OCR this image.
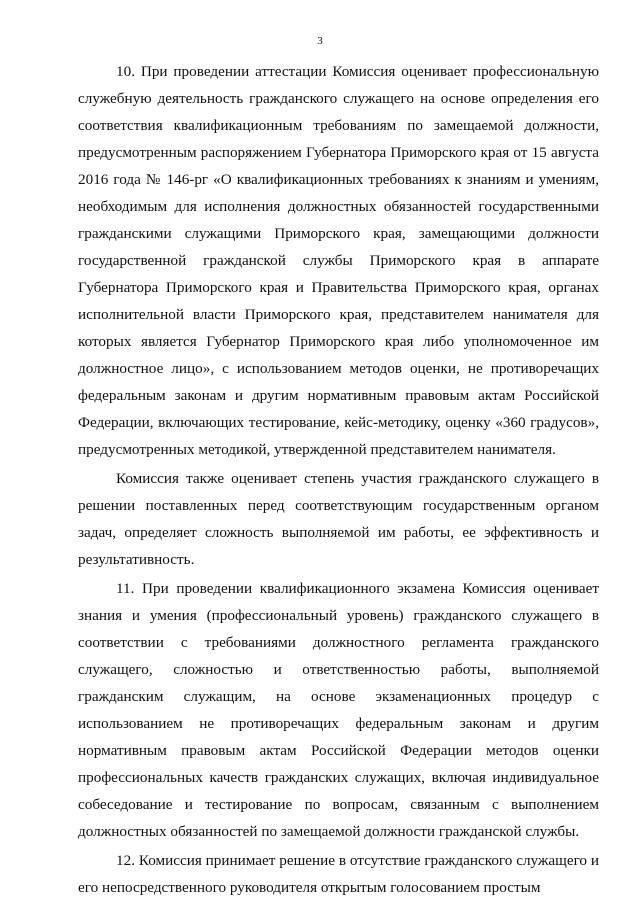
3

10. При проведении аттестации Комиссия оценивает профессиональную служебную деятельность гражданского служащего на основе определения его соответствия квалификационным требованиям по замещаемой должности, предусмотренным распоряжением Губернатора Приморского края от 15 августа 2016 года № 146-рг «О квалификационных требованиях к знаниям и умениям, необходимым для исполнения должностных обязанностей государственными гражданскими служащими Приморского края, замещающими должности государственной гражданской службы Приморского края в аппарате Губернатора Приморского края и Правительства Приморского края, органах исполнительной власти Приморского края, представителем нанимателя для которых является Губернатор Приморского края либо уполномоченное им должностное лицо», с использованием методов оценки, не противоречащих федеральным законам и другим нормативным правовым актам Российской Федерации, включающих тестирование, кейс-методику, оценку «360 градусов», предусмотренных методикой, утвержденной представителем нанимателя.

Комиссия также оценивает степень участия гражданского служащего в решении поставленных перед соответствующим государственным органом задач, определяет сложность выполняемой им работы, ее эффективность и результативность.

11. При проведении квалификационного экзамена Комиссия оценивает знания и умения (профессиональный уровень) гражданского служащего в соответствии с требованиями должностного регламента гражданского служащего, сложностью и ответственностью работы, выполняемой гражданским служащим, на основе экзаменационных процедур с использованием не противоречащих федеральным законам и другим нормативным правовым актам Российской Федерации методов оценки профессиональных качеств гражданских служащих, включая индивидуальное собеседование и тестирование по вопросам, связанным с выполнением должностных обязанностей по замещаемой должности гражданской службы.

12. Комиссия принимает решение в отсутствие гражданского служащего и его непосредственного руководителя открытым голосованием простым
